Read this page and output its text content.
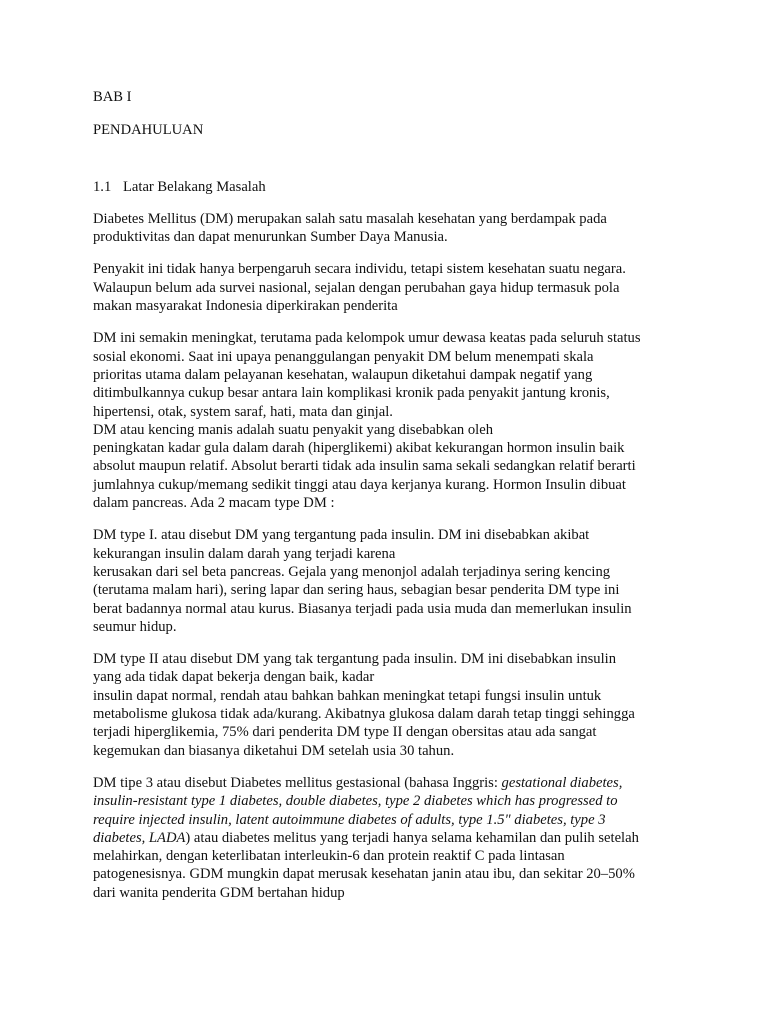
BAB I
PENDAHULUAN
1.1 Latar Belakang Masalah
Diabetes Mellitus (DM) merupakan salah satu masalah kesehatan yang berdampak pada
produktivitas dan dapat menurunkan Sumber Daya Manusia.
Penyakit ini tidak hanya berpengaruh secara individu, tetapi sistem kesehatan suatu negara.
Walaupun belum ada survei nasional, sejalan dengan perubahan gaya hidup termasuk pola
makan masyarakat Indonesia diperkirakan penderita
DM ini semakin meningkat, terutama pada kelompok umur dewasa keatas pada seluruh status
sosial ekonomi. Saat ini upaya penanggulangan penyakit DM belum menempati skala
prioritas utama dalam pelayanan kesehatan, walaupun diketahui dampak negatif yang
ditimbulkannya cukup besar antara lain komplikasi kronik pada penyakit jantung kronis,
hipertensi, otak, system saraf, hati, mata dan ginjal.
DM atau kencing manis adalah suatu penyakit yang disebabkan oleh
peningkatan kadar gula dalam darah (hiperglikemi) akibat kekurangan hormon insulin baik
absolut maupun relatif. Absolut berarti tidak ada insulin sama sekali sedangkan relatif berarti
jumlahnya cukup/memang sedikit tinggi atau daya kerjanya kurang. Hormon Insulin dibuat
dalam pancreas. Ada 2 macam type DM :
DM type I. atau disebut DM yang tergantung pada insulin. DM ini disebabkan akibat
kekurangan insulin dalam darah yang terjadi karena
kerusakan dari sel beta pancreas. Gejala yang menonjol adalah terjadinya sering kencing
(terutama malam hari), sering lapar dan sering haus, sebagian besar penderita DM type ini
berat badannya normal atau kurus. Biasanya terjadi pada usia muda dan memerlukan insulin
seumur hidup.
DM type II atau disebut DM yang tak tergantung pada insulin. DM ini disebabkan insulin
yang ada tidak dapat bekerja dengan baik, kadar
insulin dapat normal, rendah atau bahkan bahkan meningkat tetapi fungsi insulin untuk
metabolisme glukosa tidak ada/kurang. Akibatnya glukosa dalam darah tetap tinggi sehingga
terjadi hiperglikemia, 75% dari penderita DM type II dengan obersitas atau ada sangat
kegemukan dan biasanya diketahui DM setelah usia 30 tahun.
DM tipe 3 atau disebut Diabetes mellitus gestasional (bahasa Inggris: gestational diabetes,
insulin-resistant type 1 diabetes, double diabetes, type 2 diabetes which has progressed to
require injected insulin, latent autoimmune diabetes of adults, type 1.5" diabetes, type 3
diabetes, LADA) atau diabetes melitus yang terjadi hanya selama kehamilan dan pulih setelah
melahirkan, dengan keterlibatan interleukin-6 dan protein reaktif C pada lintasan
patogenesisnya. GDM mungkin dapat merusak kesehatan janin atau ibu, dan sekitar 20–50%
dari wanita penderita GDM bertahan hidup
